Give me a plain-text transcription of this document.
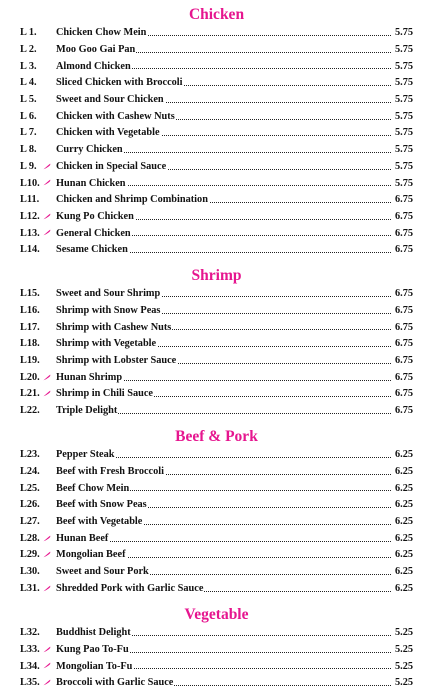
Chicken
L 1. Chicken Chow Mein	5.75
L 2. Moo Goo Gai Pan	5.75
L 3. Almond Chicken	5.75
L 4. Sliced Chicken with Broccoli	5.75
L 5. Sweet and Sour Chicken	5.75
L 6. Chicken with Cashew Nuts	5.75
L 7. Chicken with Vegetable	5.75
L 8. Curry Chicken	5.75
L 9. Chicken in Special Sauce	5.75
L10. Hunan Chicken	5.75
L11. Chicken and Shrimp Combination	6.75
L12. Kung Po Chicken	6.75
L13. General Chicken	6.75
L14. Sesame Chicken	6.75
Shrimp
L15. Sweet and Sour Shrimp	6.75
L16. Shrimp with Snow Peas	6.75
L17. Shrimp with Cashew Nuts	6.75
L18. Shrimp with Vegetable	6.75
L19. Shrimp with Lobster Sauce	6.75
L20. Hunan Shrimp	6.75
L21. Shrimp in Chili Sauce	6.75
L22. Triple Delight	6.75
Beef & Pork
L23. Pepper Steak	6.25
L24. Beef with Fresh Broccoli	6.25
L25. Beef Chow Mein	6.25
L26. Beef with Snow Peas	6.25
L27. Beef with Vegetable	6.25
L28. Hunan Beef	6.25
L29. Mongolian Beef	6.25
L30. Sweet and Sour Pork	6.25
L31. Shredded Pork with Garlic Sauce	6.25
Vegetable
L32. Buddhist Delight	5.25
L33. Kung Pao To-Fu	5.25
L34. Mongolian To-Fu	5.25
L35. Broccoli with Garlic Sauce	5.25
